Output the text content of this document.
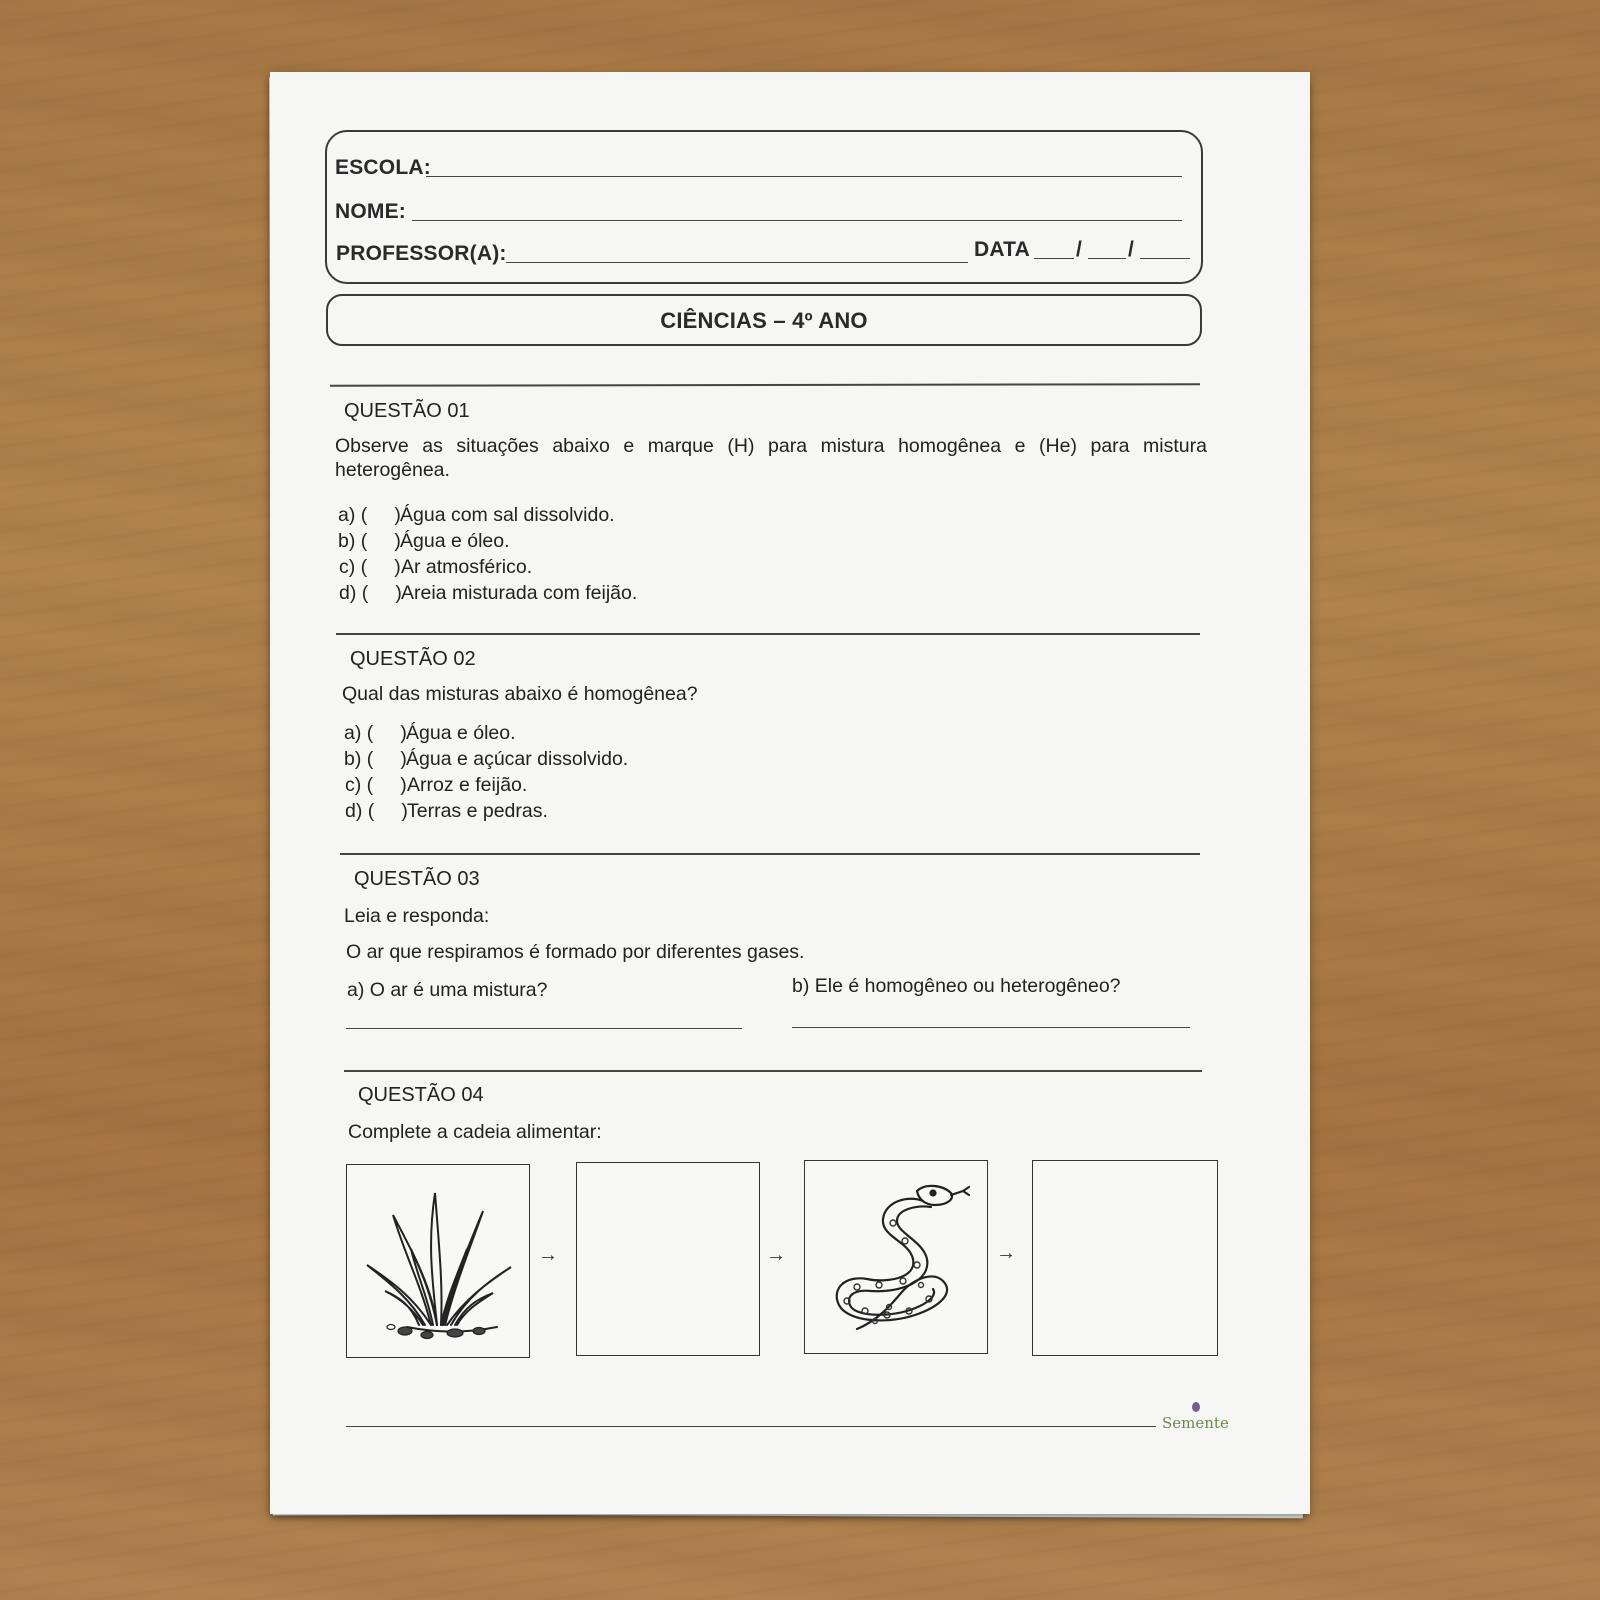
ESCOLA:
NOME:
PROFESSOR(A):	DATA / /
CIÊNCIAS – 4º ANO
QUESTÃO 01
Observe as situações abaixo e marque (H) para mistura homogênea e (He) para mistura heterogênea.
a) (     )Água com sal dissolvido.
b) (     )Água e óleo.
c) (     )Ar atmosférico.
d) (     )Areia misturada com feijão.
QUESTÃO 02
Qual das misturas abaixo é homogênea?
a) (     )Água e óleo.
b) (     )Água e açúcar dissolvido.
c) (     )Arroz e feijão.
d) (     )Terras e pedras.
QUESTÃO 03
Leia e responda:
O ar que respiramos é formado por diferentes gases.
a) O ar é uma mistura?	b) Ele é homogêneo ou heterogêneo?
QUESTÃO 04
Complete a cadeia alimentar:
→	→	→
Semente
